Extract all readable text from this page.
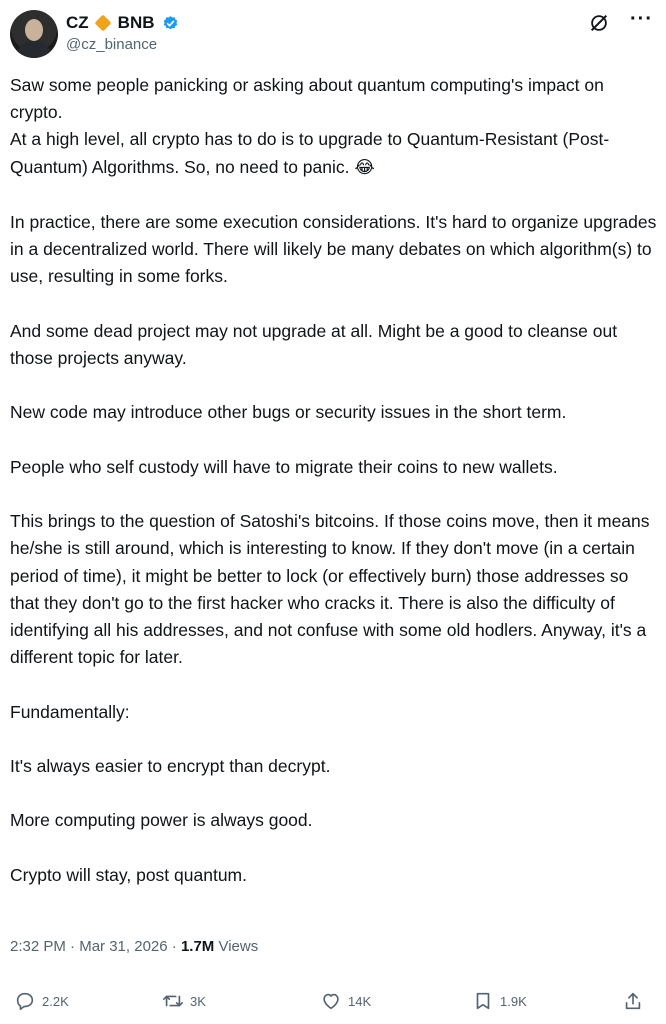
CZ BNB
@cz_binance
···
Saw some people panicking or asking about quantum computing's impact on crypto.
At a high level, all crypto has to do is to upgrade to Quantum-Resistant (Post-Quantum) Algorithms. So, no need to panic. 😂

In practice, there are some execution considerations. It's hard to organize upgrades in a decentralized world. There will likely be many debates on which algorithm(s) to use, resulting in some forks.

And some dead project may not upgrade at all. Might be a good to cleanse out those projects anyway.

New code may introduce other bugs or security issues in the short term.

People who self custody will have to migrate their coins to new wallets.

This brings to the question of Satoshi's bitcoins. If those coins move, then it means he/she is still around, which is interesting to know. If they don't move (in a certain period of time), it might be better to lock (or effectively burn) those addresses so that they don't go to the first hacker who cracks it. There is also the difficulty of identifying all his addresses, and not confuse with some old hodlers. Anyway, it's a different topic for later.

Fundamentally:

It's always easier to encrypt than decrypt.

More computing power is always good.

Crypto will stay, post quantum.
2:32 PM · Mar 31, 2026 · 1.7M Views
2.2K	3K	14K	1.9K
